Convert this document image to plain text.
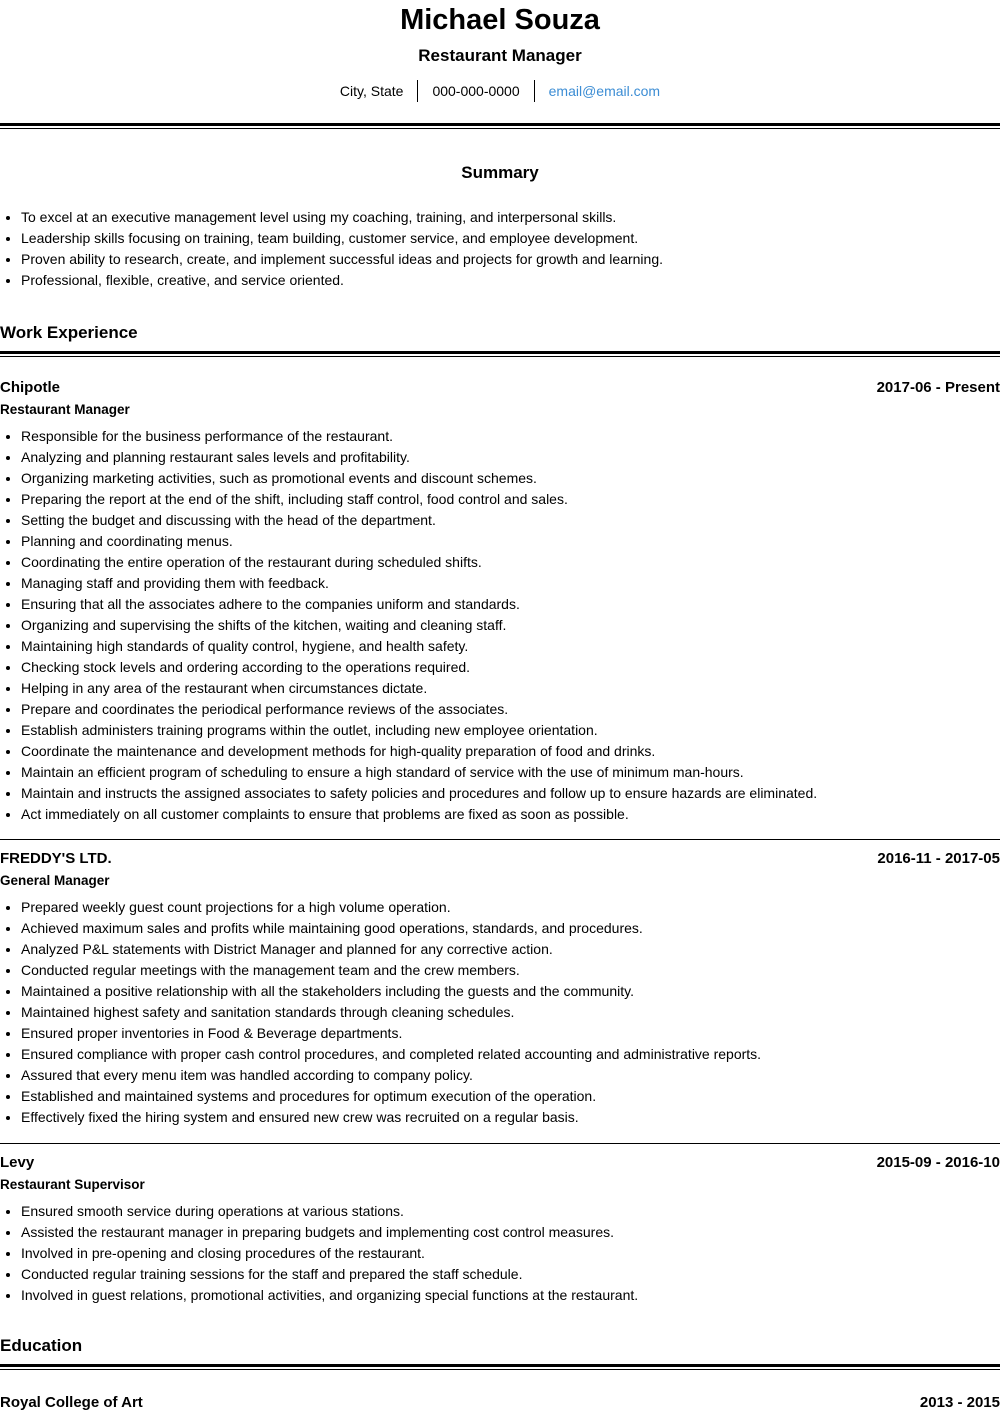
Michael Souza
Restaurant Manager
City, State 000-000-0000 email@email.com
Summary
• To excel at an executive management level using my coaching, training, and interpersonal skills.
• Leadership skills focusing on training, team building, customer service, and employee development.
• Proven ability to research, create, and implement successful ideas and projects for growth and learning.
• Professional, flexible, creative, and service oriented.
Work Experience
Chipotle	2017-06 - Present
Restaurant Manager
• Responsible for the business performance of the restaurant.
• Analyzing and planning restaurant sales levels and profitability.
• Organizing marketing activities, such as promotional events and discount schemes.
• Preparing the report at the end of the shift, including staff control, food control and sales.
• Setting the budget and discussing with the head of the department.
• Planning and coordinating menus.
• Coordinating the entire operation of the restaurant during scheduled shifts.
• Managing staff and providing them with feedback.
• Ensuring that all the associates adhere to the companies uniform and standards.
• Organizing and supervising the shifts of the kitchen, waiting and cleaning staff.
• Maintaining high standards of quality control, hygiene, and health safety.
• Checking stock levels and ordering according to the operations required.
• Helping in any area of the restaurant when circumstances dictate.
• Prepare and coordinates the periodical performance reviews of the associates.
• Establish administers training programs within the outlet, including new employee orientation.
• Coordinate the maintenance and development methods for high-quality preparation of food and drinks.
• Maintain an efficient program of scheduling to ensure a high standard of service with the use of minimum man-hours.
• Maintain and instructs the assigned associates to safety policies and procedures and follow up to ensure hazards are eliminated.
• Act immediately on all customer complaints to ensure that problems are fixed as soon as possible.
FREDDY'S LTD.	2016-11 - 2017-05
General Manager
• Prepared weekly guest count projections for a high volume operation.
• Achieved maximum sales and profits while maintaining good operations, standards, and procedures.
• Analyzed P&L statements with District Manager and planned for any corrective action.
• Conducted regular meetings with the management team and the crew members.
• Maintained a positive relationship with all the stakeholders including the guests and the community.
• Maintained highest safety and sanitation standards through cleaning schedules.
• Ensured proper inventories in Food & Beverage departments.
• Ensured compliance with proper cash control procedures, and completed related accounting and administrative reports.
• Assured that every menu item was handled according to company policy.
• Established and maintained systems and procedures for optimum execution of the operation.
• Effectively fixed the hiring system and ensured new crew was recruited on a regular basis.
Levy	2015-09 - 2016-10
Restaurant Supervisor
• Ensured smooth service during operations at various stations.
• Assisted the restaurant manager in preparing budgets and implementing cost control measures.
• Involved in pre-opening and closing procedures of the restaurant.
• Conducted regular training sessions for the staff and prepared the staff schedule.
• Involved in guest relations, promotional activities, and organizing special functions at the restaurant.
Education
Royal College of Art	2013 - 2015
